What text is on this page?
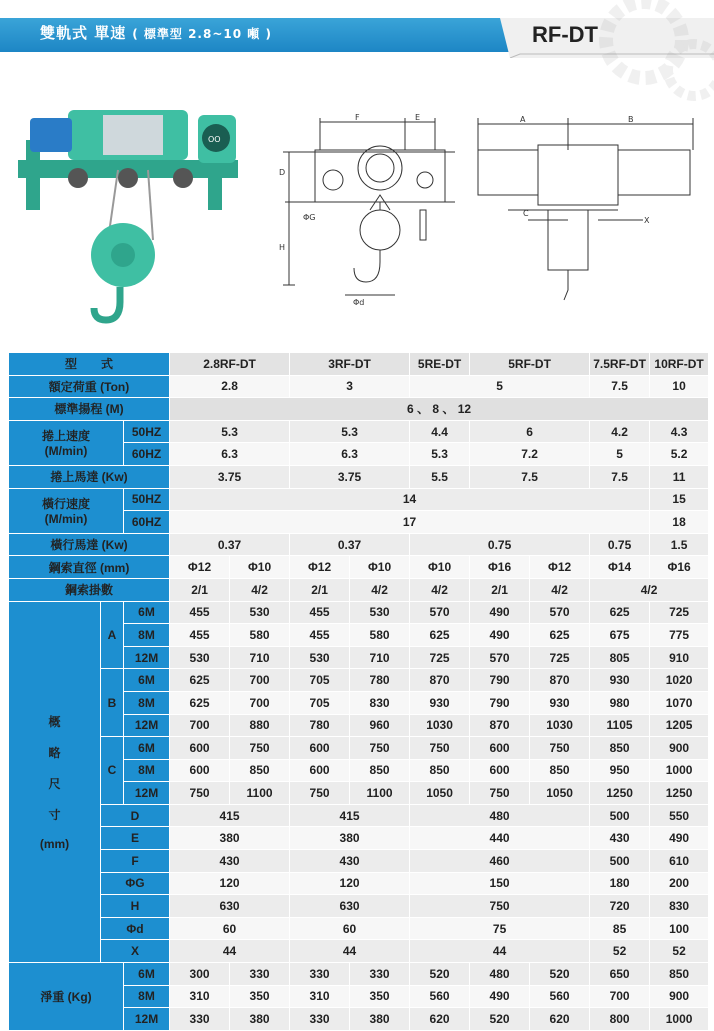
雙軌式 單速 ( 標準型 2.8~10 噸 )	RF-DT
OO
F	E
D
ΦG
H
Φd
A	B
C
X
型　　式			2.8RF-DT		3RF-DT		5RE-DT	5RF-DT		7.5RF-DT	10RF-DT
額定荷重 (Ton)			2.8		3		5			7.5	10
標準揚程 (M)			6 、 8 、 12								
捲上速度
(M/min)		50HZ	5.3		5.3		4.4	6		4.2	4.3
		60HZ	6.3		6.3		5.3	7.2		5	5.2
捲上馬達 (Kw)			3.75		3.75		5.5	7.5		7.5	11
橫行速度
(M/min)		50HZ	14								15
		60HZ	17								18
橫行馬達 (Kw)			0.37		0.37		0.75			0.75	1.5
鋼索直徑 (mm)			Φ12	Φ10	Φ12	Φ10	Φ10	Φ16	Φ12	Φ14	Φ16
鋼索掛數			2/1	4/2	2/1	4/2	4/2	2/1	4/2	4/2	
概

略

尺

寸

(mm)	A	6M	455	530	455	530	570	490	570	625	725
		8M	455	580	455	580	625	490	625	675	775
		12M	530	710	530	710	725	570	725	805	910
	B	6M	625	700	705	780	870	790	870	930	1020
		8M	625	700	705	830	930	790	930	980	1070
		12M	700	880	780	960	1030	870	1030	1105	1205
	C	6M	600	750	600	750	750	600	750	850	900
		8M	600	850	600	850	850	600	850	950	1000
		12M	750	1100	750	1100	1050	750	1050	1250	1250
	D		415		415		480			500	550
	E		380		380		440			430	490
	F		430		430		460			500	610
	ΦG		120		120		150			180	200
	H		630		630		750			720	830
	Φd		60		60		75			85	100
	X		44		44		44			52	52
淨重 (Kg)		6M	300	330	330	330	520	480	520	650	850
		8M	310	350	310	350	560	490	560	700	900
		12M	330	380	330	380	620	520	620	800	1000
